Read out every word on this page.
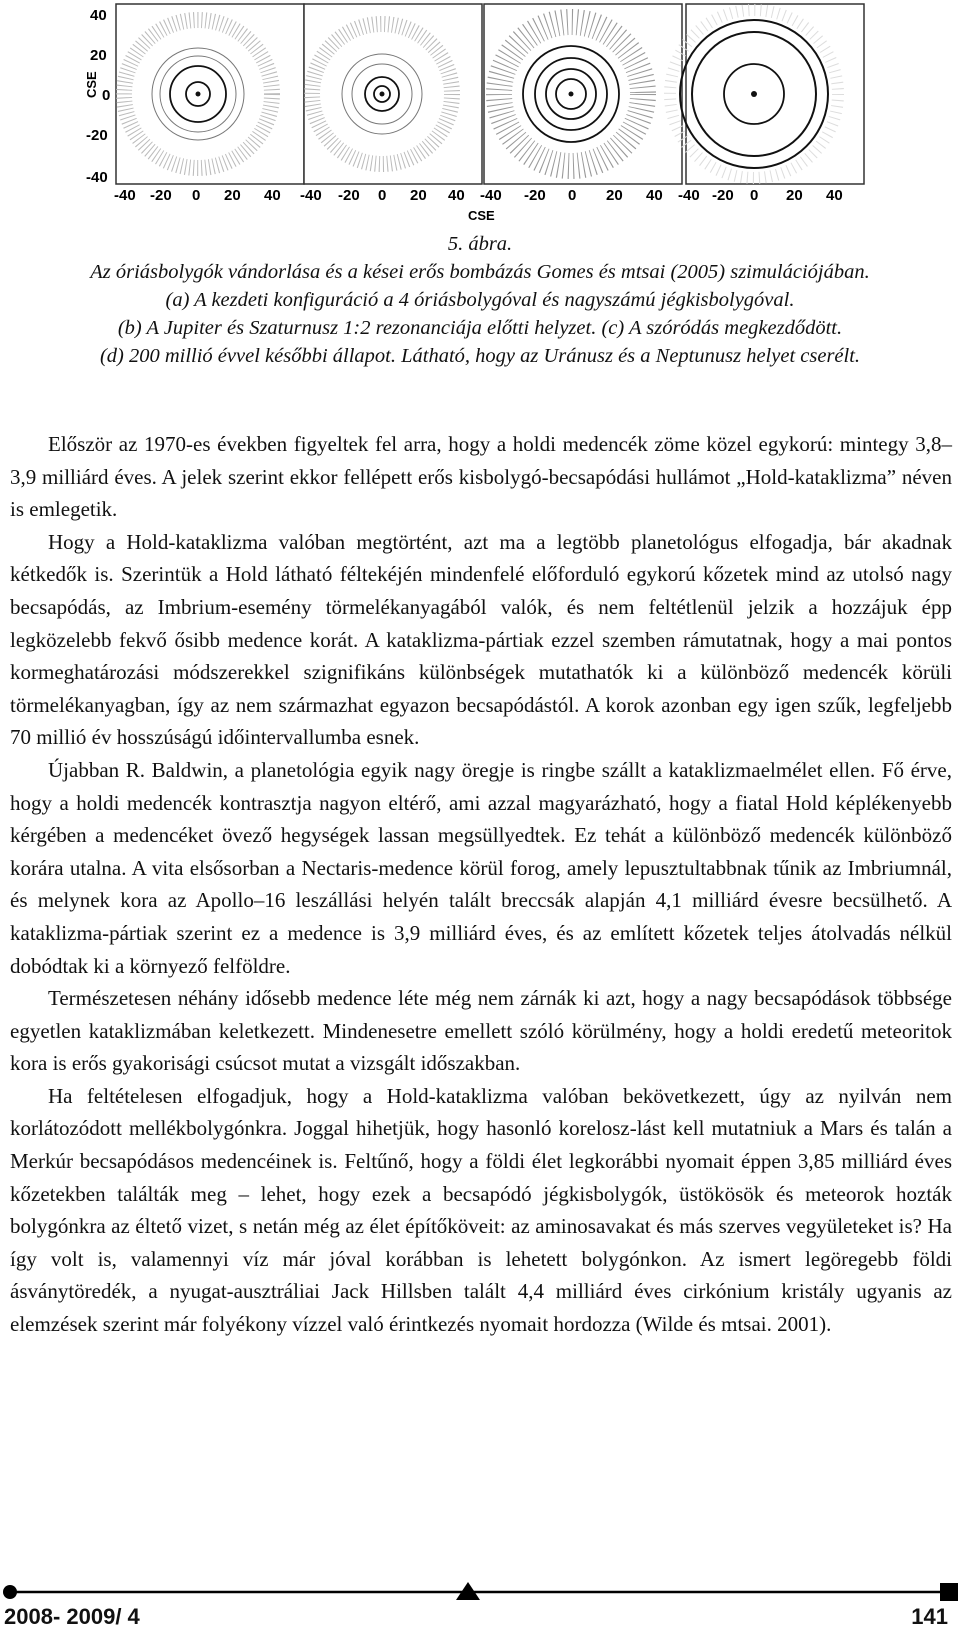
40
20
0
-20
-40
CSE
-40 -20 0 20 40 -40 -20 0 20 40 -40 -20 0 20 40 -40 -20 0 20 40
CSE
5. ábra.
Az óriásbolygók vándorlása és a kései erős bombázás Gomes és mtsai (2005) szimulációjában.
(a) A kezdeti konfiguráció a 4 óriásbolygóval és nagyszámú jégkisbolygóval.
(b) A Jupiter és Szaturnusz 1:2 rezonanciája előtti helyzet. (c) A szóródás megkezdődött.
(d) 200 millió évvel későbbi állapot. Látható, hogy az Uránusz és a Neptunusz helyet cserélt.

Először az 1970-es években figyeltek fel arra, hogy a holdi medencék zöme közel egykorú: mintegy 3,8–3,9 milliárd éves. A jelek szerint ekkor fellépett erős kisbolygó-becsapódási hullámot „Hold-kataklizma” néven is emlegetik.

Hogy a Hold-kataklizma valóban megtörtént, azt ma a legtöbb planetológus elfogadja, bár akadnak kétkedők is. Szerintük a Hold látható féltekéjén mindenfelé előforduló egykorú kőzetek mind az utolsó nagy becsapódás, az Imbrium-esemény törmelékanyagából valók, és nem feltétlenül jelzik a hozzájuk épp legközelebb fekvő ősibb medence korát. A kataklizma-pártiak ezzel szemben rámutatnak, hogy a mai pontos kormeghatározási módszerekkel szignifikáns különbségek mutathatók ki a különböző medencék körüli törmelékanyagban, így az nem származhat egyazon becsapódástól. A korok azonban egy igen szűk, legfeljebb 70 millió év hosszúságú időintervallumba esnek.

Újabban R. Baldwin, a planetológia egyik nagy öregje is ringbe szállt a kataklizmaelmélet ellen. Fő érve, hogy a holdi medencék kontrasztja nagyon eltérő, ami azzal magyarázható, hogy a fiatal Hold képlékenyebb kérgében a medencéket övező hegységek lassan megsüllyedtek. Ez tehát a különböző medencék különböző korára utalna. A vita elsősorban a Nectaris-medence körül forog, amely lepusztultabbnak tűnik az Imbriumnál, és melynek kora az Apollo–16 leszállási helyén talált breccsák alapján 4,1 milliárd évesre becsülhető. A kataklizma-pártiak szerint ez a medence is 3,9 milliárd éves, és az említett kőzetek teljes átolvadás nélkül dobódtak ki a környező felföldre.

Természetesen néhány idősebb medence léte még nem zárnák ki azt, hogy a nagy becsapódások többsége egyetlen kataklizmában keletkezett. Mindenesetre emellett szóló körülmény, hogy a holdi eredetű meteoritok kora is erős gyakorisági csúcsot mutat a vizsgált időszakban.

Ha feltételesen elfogadjuk, hogy a Hold-kataklizma valóban bekövetkezett, úgy az nyilván nem korlátozódott mellékbolygónkra. Joggal hihetjük, hogy hasonló korelosz-lást kell mutatniuk a Mars és talán a Merkúr becsapódásos medencéinek is. Feltűnő, hogy a földi élet legkorábbi nyomait éppen 3,85 milliárd éves kőzetekben találták meg – lehet, hogy ezek a becsapódó jégkisbolygók, üstökösök és meteorok hozták bolygónkra az éltető vizet, s netán még az élet építőköveit: az aminosavakat és más szerves vegyületeket is? Ha így volt is, valamennyi víz már jóval korábban is lehetett bolygónkon. Az ismert legöregebb földi ásványtöredék, a nyugat-ausztráliai Jack Hillsben talált 4,4 milliárd éves cirkónium kristály ugyanis az elemzések szerint már folyékony vízzel való érintkezés nyomait hordozza (Wilde és mtsai. 2001).

2008- 2009/ 4	141
